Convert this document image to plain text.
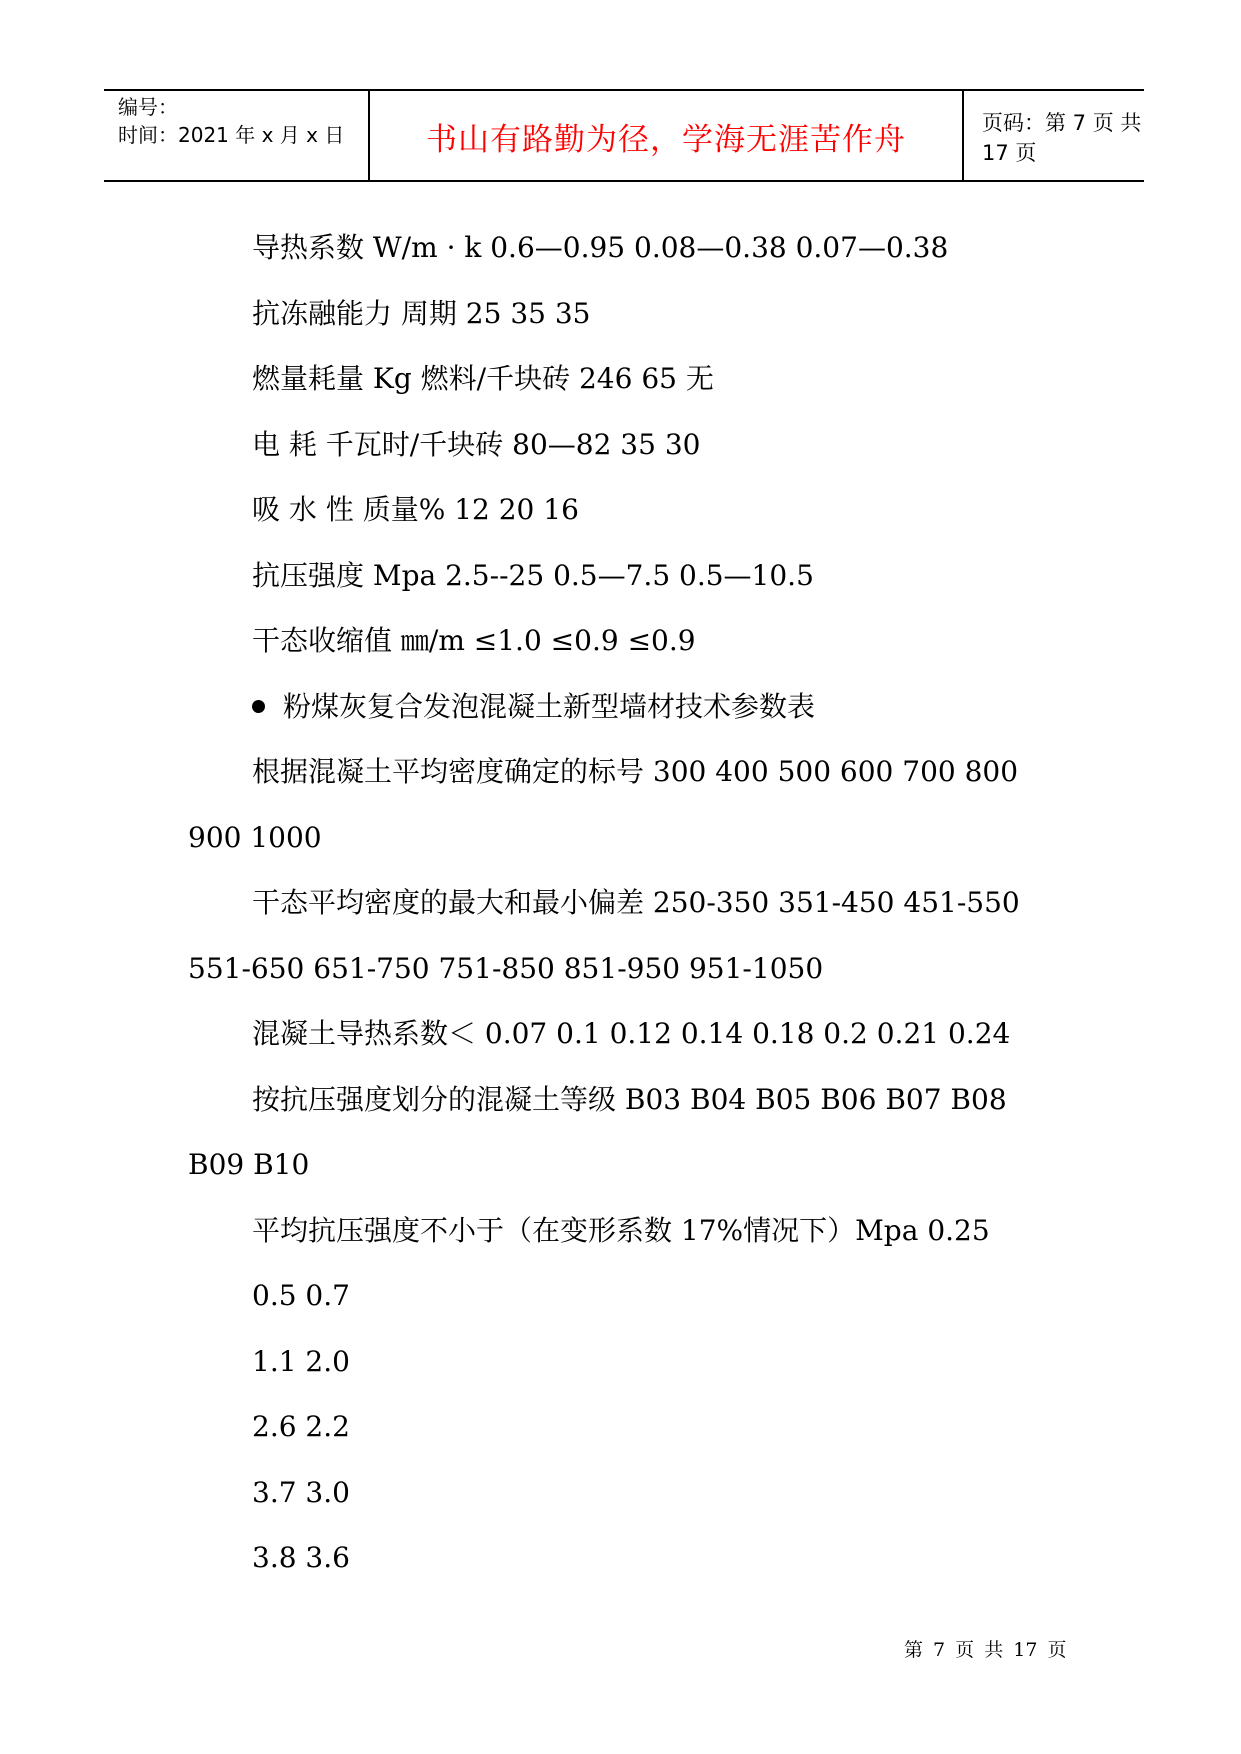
编号：
时间：2021 年 x 月 x 日	书山有路勤为径，学海无涯苦作舟	页码：第 7 页 共 17 页
导热系数 W/m · k 0.6—0.95 0.08—0.38 0.07—0.38
抗冻融能力 周期 25 35 35
燃量耗量 Kg 燃料/千块砖 246 65 无
电 耗 千瓦时/千块砖 80—82 35 30
吸 水 性 质量% 12 20 16
抗压强度 Mpa 2.5--25 0.5—7.5 0.5—10.5
干态收缩值 ㎜/m ≤1.0 ≤0.9 ≤0.9
粉煤灰复合发泡混凝土新型墙材技术参数表
根据混凝土平均密度确定的标号 300 400 500 600 700 800
900 1000
干态平均密度的最大和最小偏差 250-350 351-450 451-550
551-650 651-750 751-850 851-950 951-1050
混凝土导热系数＜ 0.07 0.1 0.12 0.14 0.18 0.2 0.21 0.24
按抗压强度划分的混凝土等级 B03 B04 B05 B06 B07 B08
B09 B10
平均抗压强度不小于（在变形系数 17%情况下）Mpa 0.25
0.5 0.7
1.1 2.0
2.6 2.2
3.7 3.0
3.8 3.6
第 7 页 共 17 页
